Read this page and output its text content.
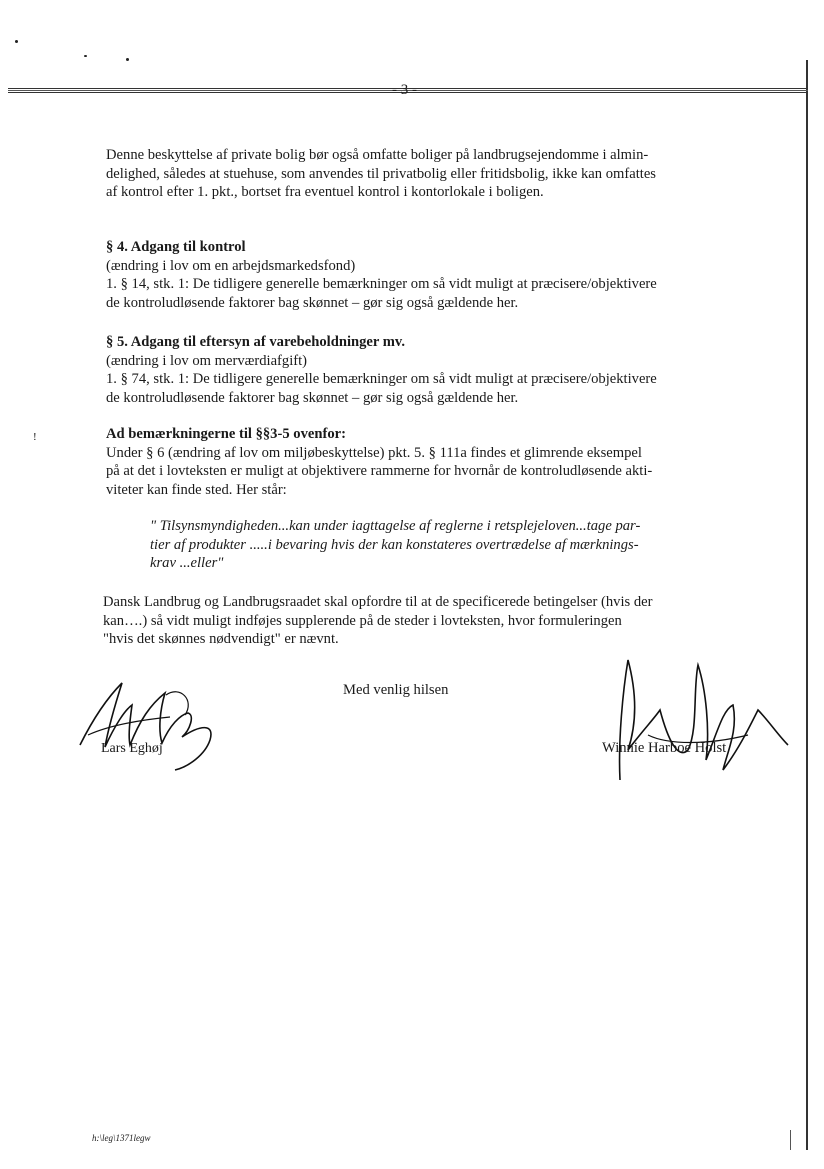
- 3 -
Denne beskyttelse af private bolig bør også omfatte boliger på landbrugsejendomme i almin-
delighed, således at stuehuse, som anvendes til privatbolig eller fritidsbolig, ikke kan omfattes
af kontrol efter 1. pkt., bortset fra eventuel kontrol i kontorlokale i boligen.
§ 4. Adgang til kontrol
(ændring i lov om en arbejdsmarkedsfond)
1. § 14, stk. 1: De tidligere generelle bemærkninger om så vidt muligt at præcisere/objektivere
de kontroludløsende faktorer bag skønnet – gør sig også gældende her.
§ 5. Adgang til eftersyn af varebeholdninger mv.
(ændring i lov om merværdiafgift)
1. § 74, stk. 1: De tidligere generelle bemærkninger om så vidt muligt at præcisere/objektivere
de kontroludløsende faktorer bag skønnet – gør sig også gældende her.
!	Ad bemærkningerne til §§3-5 ovenfor:
Under § 6 (ændring af lov om miljøbeskyttelse) pkt. 5. § 111a findes et glimrende eksempel
på at det i lovteksten er muligt at objektivere rammerne for hvornår de kontroludløsende akti-
viteter kan finde sted. Her står:
" Tilsynsmyndigheden...kan under iagttagelse af reglerne i retsplejeloven...tage par-
tier af produkter .....i bevaring hvis der kan konstateres overtrædelse af mærknings-
krav ...eller"
Dansk Landbrug og Landbrugsraadet skal opfordre til at de specificerede betingelser (hvis der
kan….) så vidt muligt indføjes supplerende på de steder i lovteksten, hvor formuleringen
"hvis det skønnes nødvendigt" er nævnt.
Med venlig hilsen
Lars Eghøj	Winnie Harboe Holst
h:\leg\1371legw
